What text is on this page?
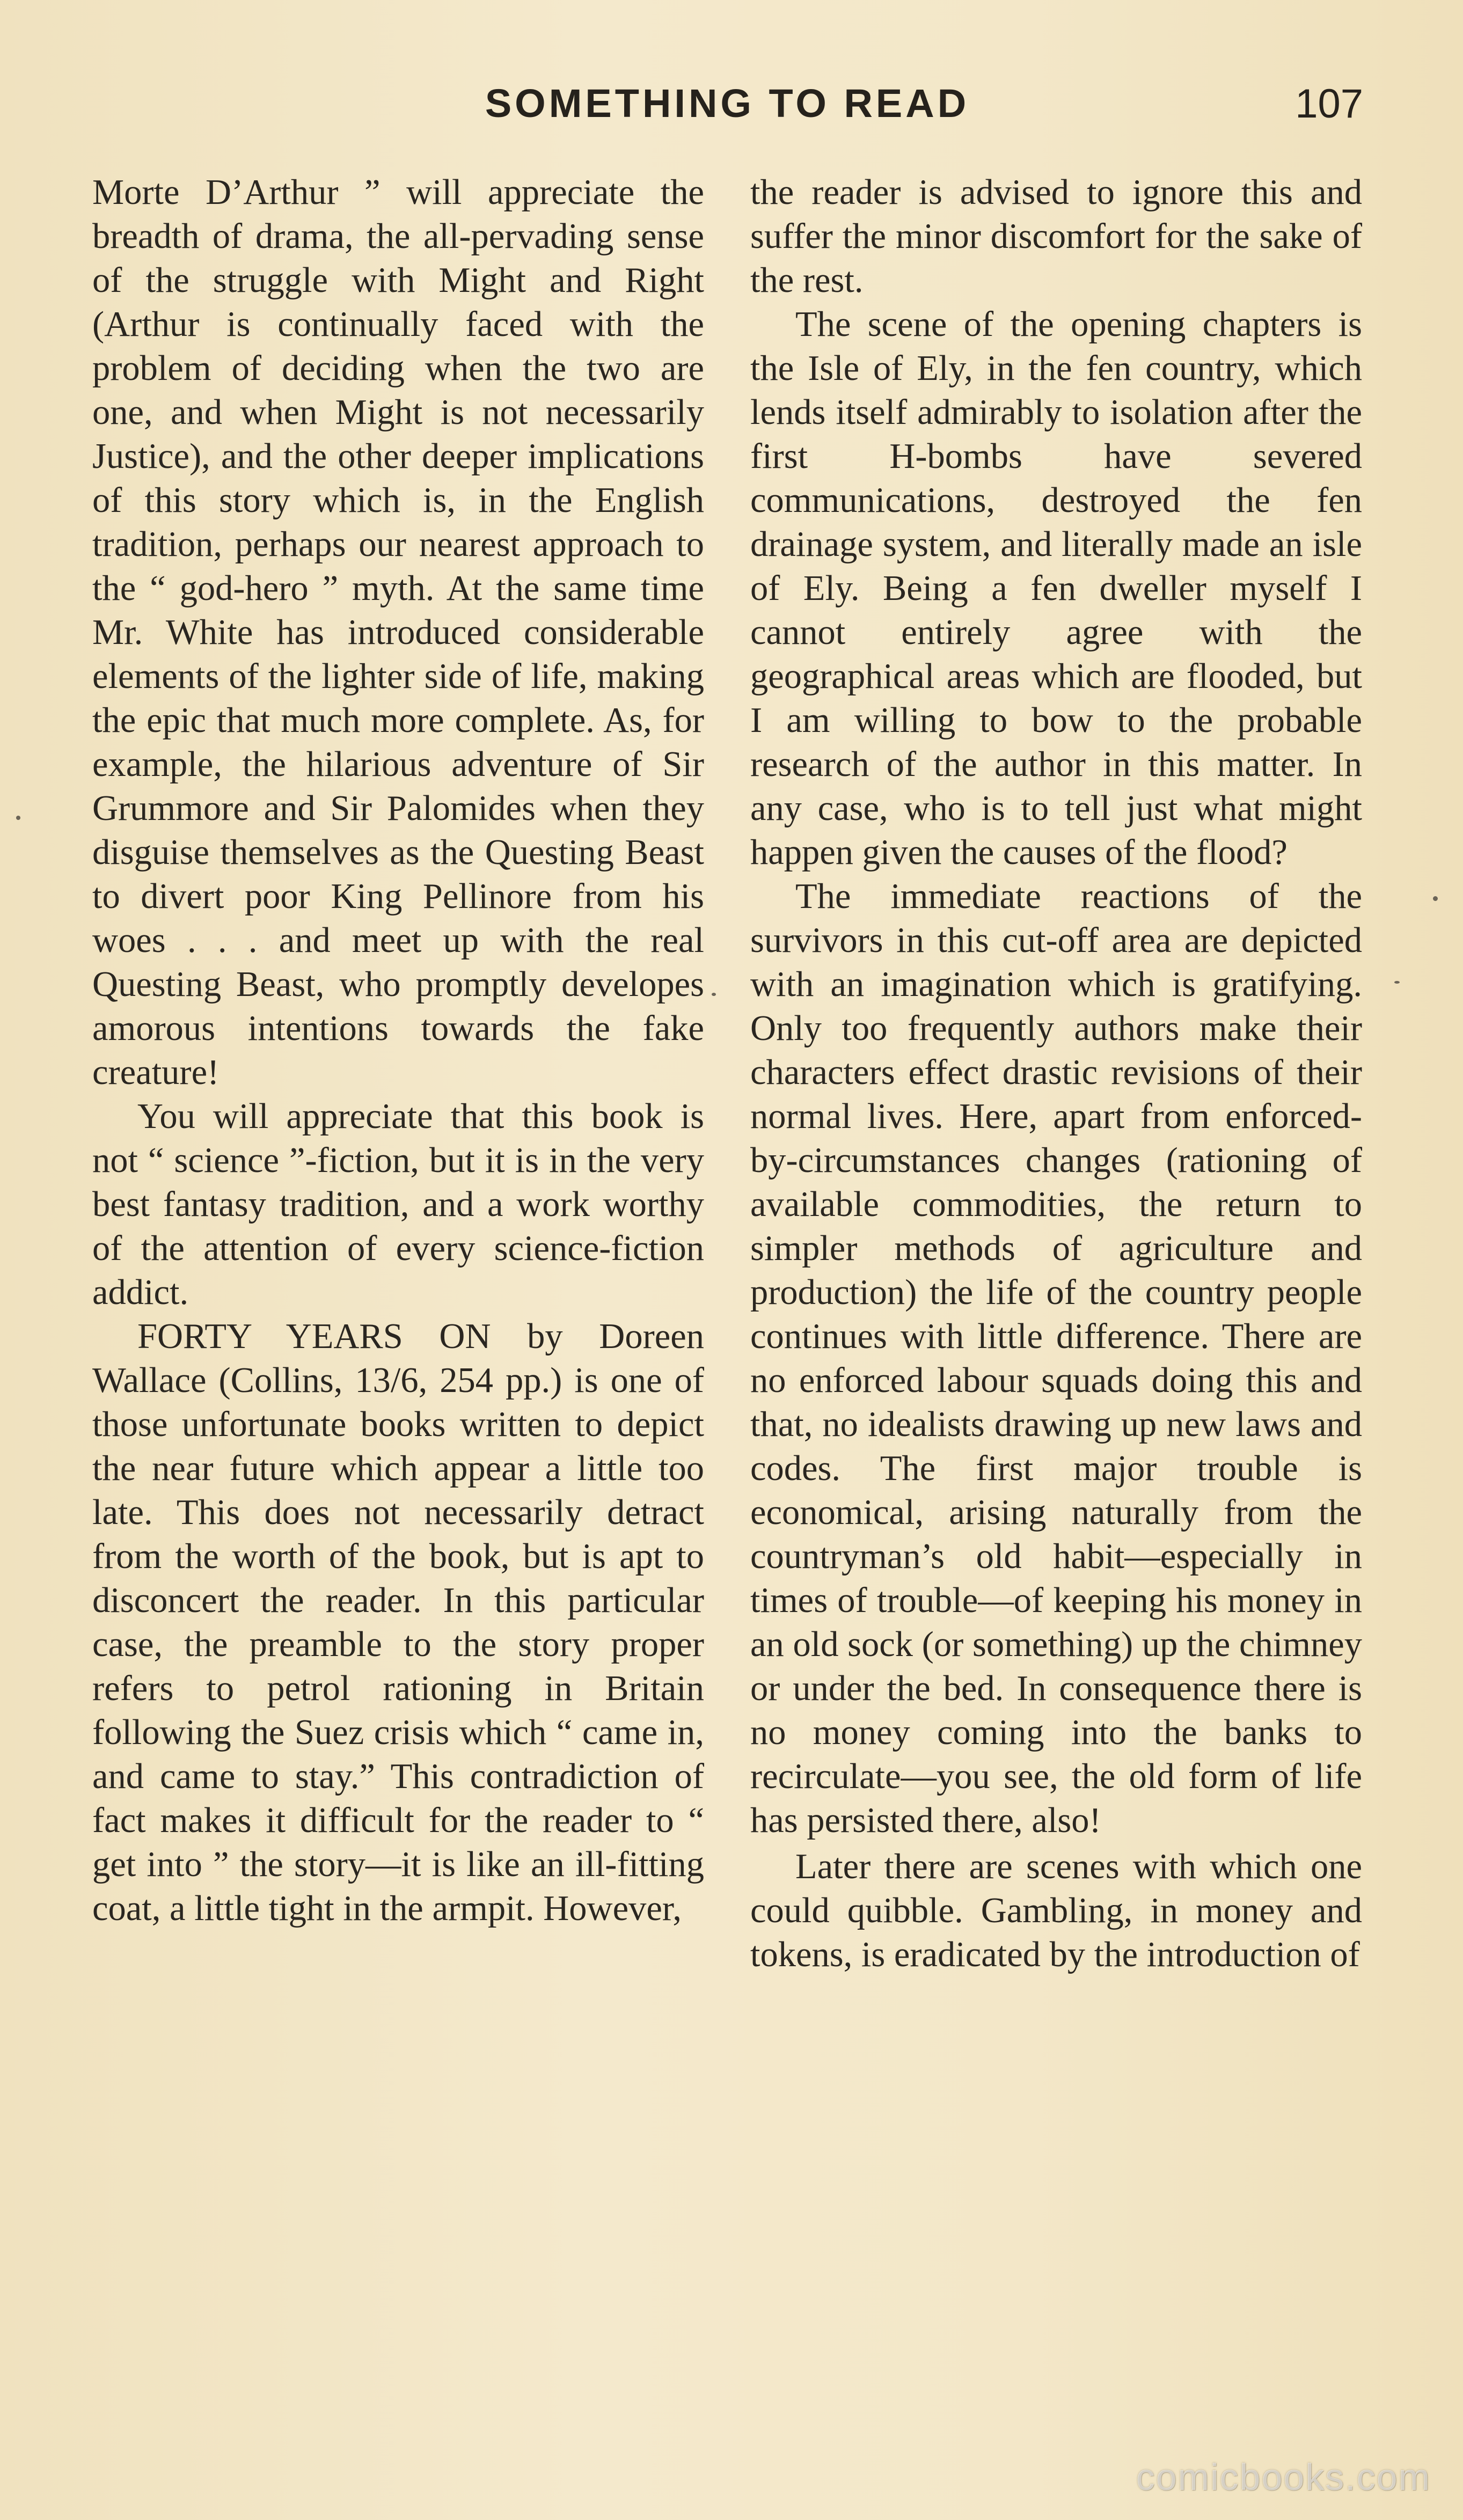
SOMETHING TO READ	107

Morte D’Arthur ” will appreciate the breadth of drama, the all-pervading sense of the struggle with Might and Right (Arthur is continually faced with the problem of deciding when the two are one, and when Might is not necessarily Justice), and the other deeper implications of this story which is, in the English tradition, perhaps our nearest approach to the “ god-hero ” myth. At the same time Mr. White has introduced considerable elements of the lighter side of life, making the epic that much more complete. As, for example, the hilarious adventure of Sir Grummore and Sir Palomides when they disguise themselves as the Questing Beast to divert poor King Pellinore from his woes . . . and meet up with the real Questing Beast, who promptly developes amorous intentions towards the fake creature!

You will appreciate that this book is not “ science ”-fiction, but it is in the very best fantasy tradition, and a work worthy of the attention of every science-fiction addict.

FORTY YEARS ON by Doreen Wallace (Collins, 13/6, 254 pp.) is one of those unfortunate books written to depict the near future which appear a little too late. This does not necessarily detract from the worth of the book, but is apt to disconcert the reader. In this particular case, the preamble to the story proper refers to petrol rationing in Britain following the Suez crisis which “ came in, and came to stay.” This contradiction of fact makes it difficult for the reader to “ get into ” the story—it is like an ill-fitting coat, a little tight in the armpit. However,

the reader is advised to ignore this and suffer the minor discomfort for the sake of the rest.

The scene of the opening chapters is the Isle of Ely, in the fen country, which lends itself admirably to isolation after the first H-bombs have severed communications, destroyed the fen drainage system, and literally made an isle of Ely. Being a fen dweller myself I cannot entirely agree with the geographical areas which are flooded, but I am willing to bow to the probable research of the author in this matter. In any case, who is to tell just what might happen given the causes of the flood?

The immediate reactions of the survivors in this cut-off area are depicted with an imagination which is gratifying. Only too frequently authors make their characters effect drastic revisions of their normal lives. Here, apart from enforced-by-circumstances changes (rationing of available commodities, the return to simpler methods of agriculture and production) the life of the country people continues with little difference. There are no enforced labour squads doing this and that, no idealists drawing up new laws and codes. The first major trouble is economical, arising naturally from the countryman’s old habit—especially in times of trouble—of keeping his money in an old sock (or something) up the chimney or under the bed. In consequence there is no money coming into the banks to recirculate—you see, the old form of life has persisted there, also!

Later there are scenes with which one could quibble. Gambling, in money and tokens, is eradicated by the introduction of

comicbooks.com
